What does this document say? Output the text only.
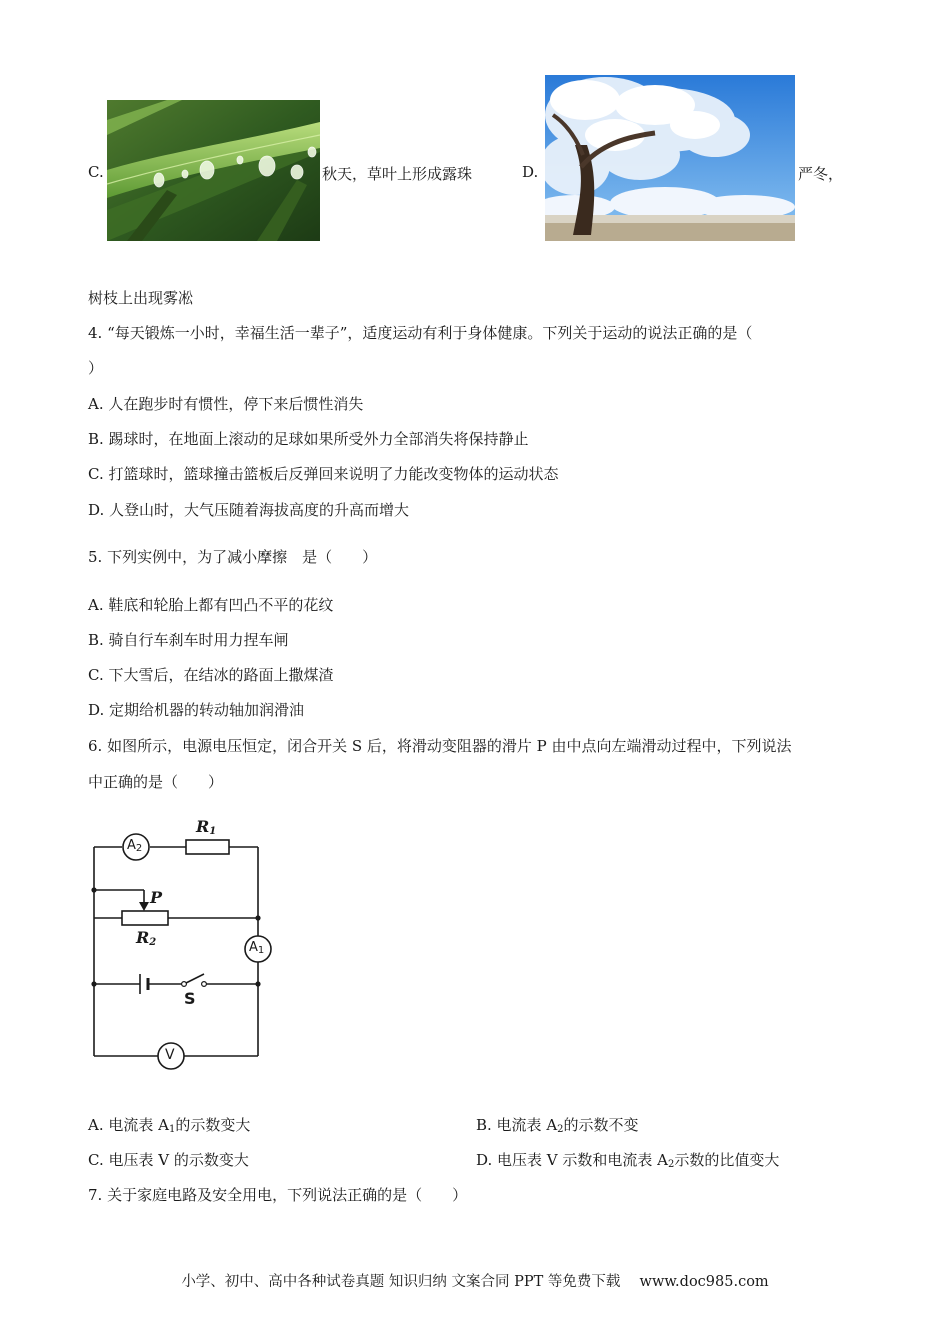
C.	秋天，草叶上形成露珠	D.	严冬，
树枝上出现雾凇
4. “每天锻炼一小时，幸福生活一辈子”，适度运动有利于身体健康。下列关于运动的说法正确的是（
）
A. 人在跑步时有惯性，停下来后惯性消失
B. 踢球时，在地面上滚动的足球如果所受外力全部消失将保持静止
C. 打篮球时，篮球撞击篮板后反弹回来说明了力能改变物体的运动状态
D. 人登山时，大气压随着海拔高度的升高而增大
5. 下列实例中，为了减小摩擦　是（　　）
A. 鞋底和轮胎上都有凹凸不平的花纹
B. 骑自行车刹车时用力捏车闸
C. 下大雪后，在结冰的路面上撒煤渣
D. 定期给机器的转动轴加润滑油
6. 如图所示，电源电压恒定，闭合开关 S 后，将滑动变阻器的滑片 P 由中点向左端滑动过程中，下列说法
中正确的是（　　）
$R_1$
P
$R_2$
S
$A_2$
$A_1$
V
A. 电流表 $A_1$的示数变大	B. 电流表 $A_2$的示数不变
C. 电压表 V 的示数变大	D. 电压表 V 示数和电流表 $A_2$示数的比值变大
7. 关于家庭电路及安全用电，下列说法正确的是（　　）
小学、初中、高中各种试卷真题 知识归纳 文案合同 PPT 等免费下载　 www.doc985.com
